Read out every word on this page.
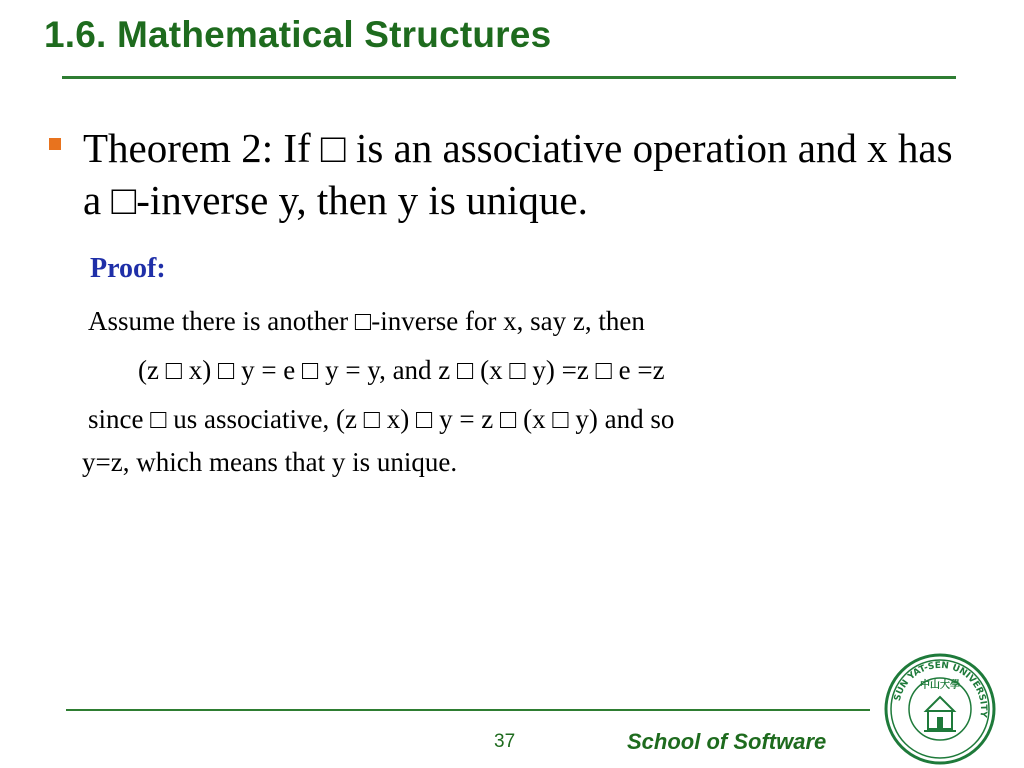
1.6. Mathematical Structures
Theorem 2: If □ is an associative operation and x has a □-inverse y, then y is unique.
Proof:
Assume there is another □-inverse for x, say z, then
(z □ x) □ y = e □ y = y, and z □ (x □ y) =z □ e =z
since □ us associative, (z □ x) □ y = z □ (x □ y) and so
y=z, which means that y is unique.
37	School of Software
SUN YAT-SEN UNIVERSITY
中山大學
